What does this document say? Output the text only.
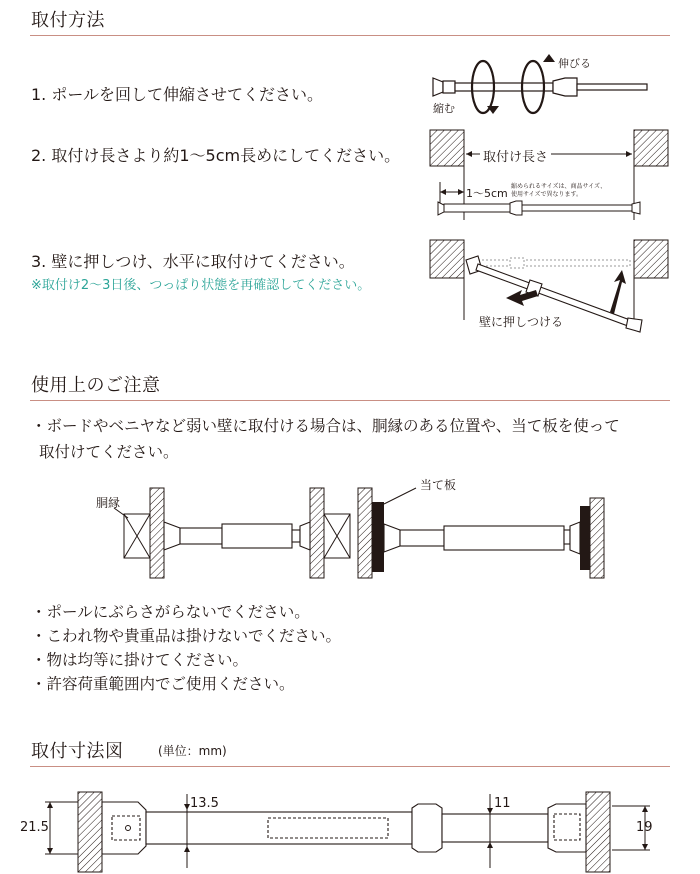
取付方法
1. ポールを回して伸縮させてください。
2. 取付け長さより約1～5cm長めにしてください。
3. 壁に押しつけ、水平に取付けてください。
※取付け2～3日後、つっぱり状態を再確認してください。
伸びる
縮む
取付け長さ
1～5cm
縮められるサイズは、商品サイズ、
使用サイズで異なります。
壁に押しつける
使用上のご注意
・ボードやベニヤなど弱い壁に取付ける場合は、胴縁のある位置や、当て板を使って
取付けてください。
胴縁
当て板
・ポールにぶらさがらないでください。
・こわれ物や貴重品は掛けないでください。
・物は均等に掛けてください。
・許容荷重範囲内でご使用ください。
取付寸法図	(単位：mm)
21.5
13.5	11
19
